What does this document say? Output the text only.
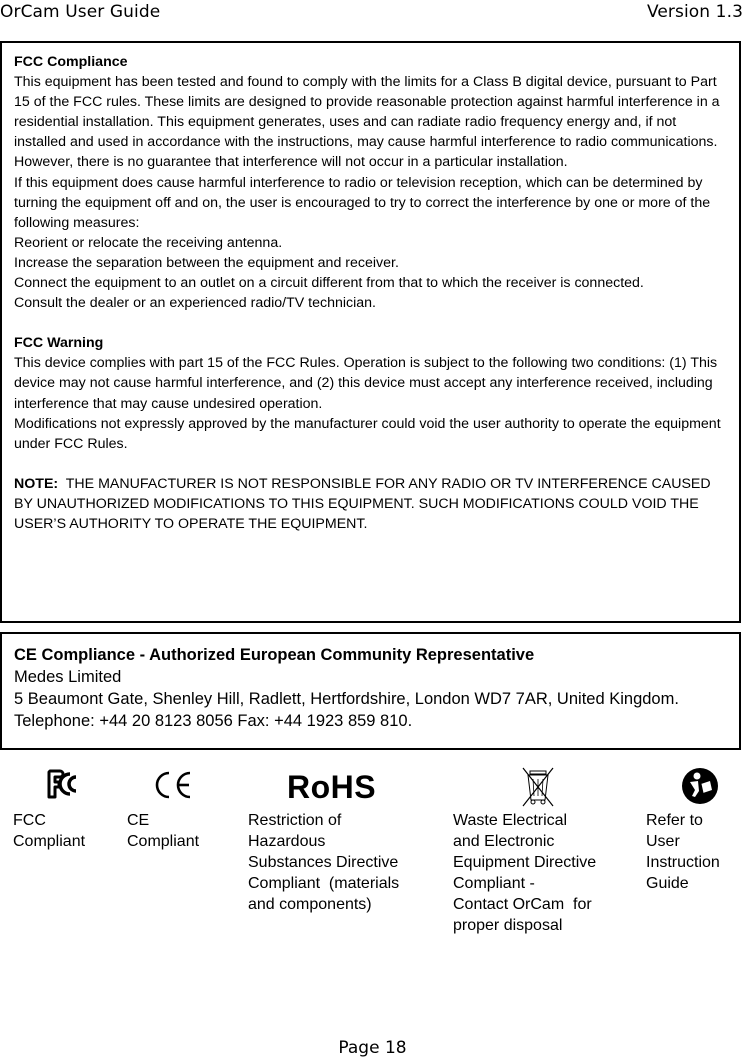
OrCam User Guide	Version 1.3

FCC Compliance

This equipment has been tested and found to comply with the limits for a Class B digital device, pursuant to Part 15 of the FCC rules. These limits are designed to provide reasonable protection against harmful interference in a residential installation. This equipment generates, uses and can radiate radio frequency energy and, if not installed and used in accordance with the instructions, may cause harmful interference to radio communications. However, there is no guarantee that interference will not occur in a particular installation.

If this equipment does cause harmful interference to radio or television reception, which can be determined by turning the equipment off and on, the user is encouraged to try to correct the interference by one or more of the following measures:

Reorient or relocate the receiving antenna.

Increase the separation between the equipment and receiver.

Connect the equipment to an outlet on a circuit different from that to which the receiver is connected.

Consult the dealer or an experienced radio/TV technician.

FCC Warning

This device complies with part 15 of the FCC Rules. Operation is subject to the following two conditions: (1) This device may not cause harmful interference, and (2) this device must accept any interference received, including interference that may cause undesired operation.

Modifications not expressly approved by the manufacturer could void the user authority to operate the equipment under FCC Rules.

NOTE:  THE MANUFACTURER IS NOT RESPONSIBLE FOR ANY RADIO OR TV INTERFERENCE CAUSED BY UNAUTHORIZED MODIFICATIONS TO THIS EQUIPMENT. SUCH MODIFICATIONS COULD VOID THE USER’S AUTHORITY TO OPERATE THE EQUIPMENT.

CE Compliance - Authorized European Community Representative

Medes Limited

5 Beaumont Gate, Shenley Hill, Radlett, Hertfordshire, London WD7 7AR, United Kingdom. Telephone: +44 20 8123 8056 Fax: +44 1923 859 810.

RoHS
FCC
Compliant
CE
Compliant
Restriction of
Hazardous
Substances Directive
Compliant  (materials
and components)
Waste Electrical
and Electronic
Equipment Directive
Compliant -
Contact OrCam  for
proper disposal
Refer to
User
Instruction
Guide
Page 18
